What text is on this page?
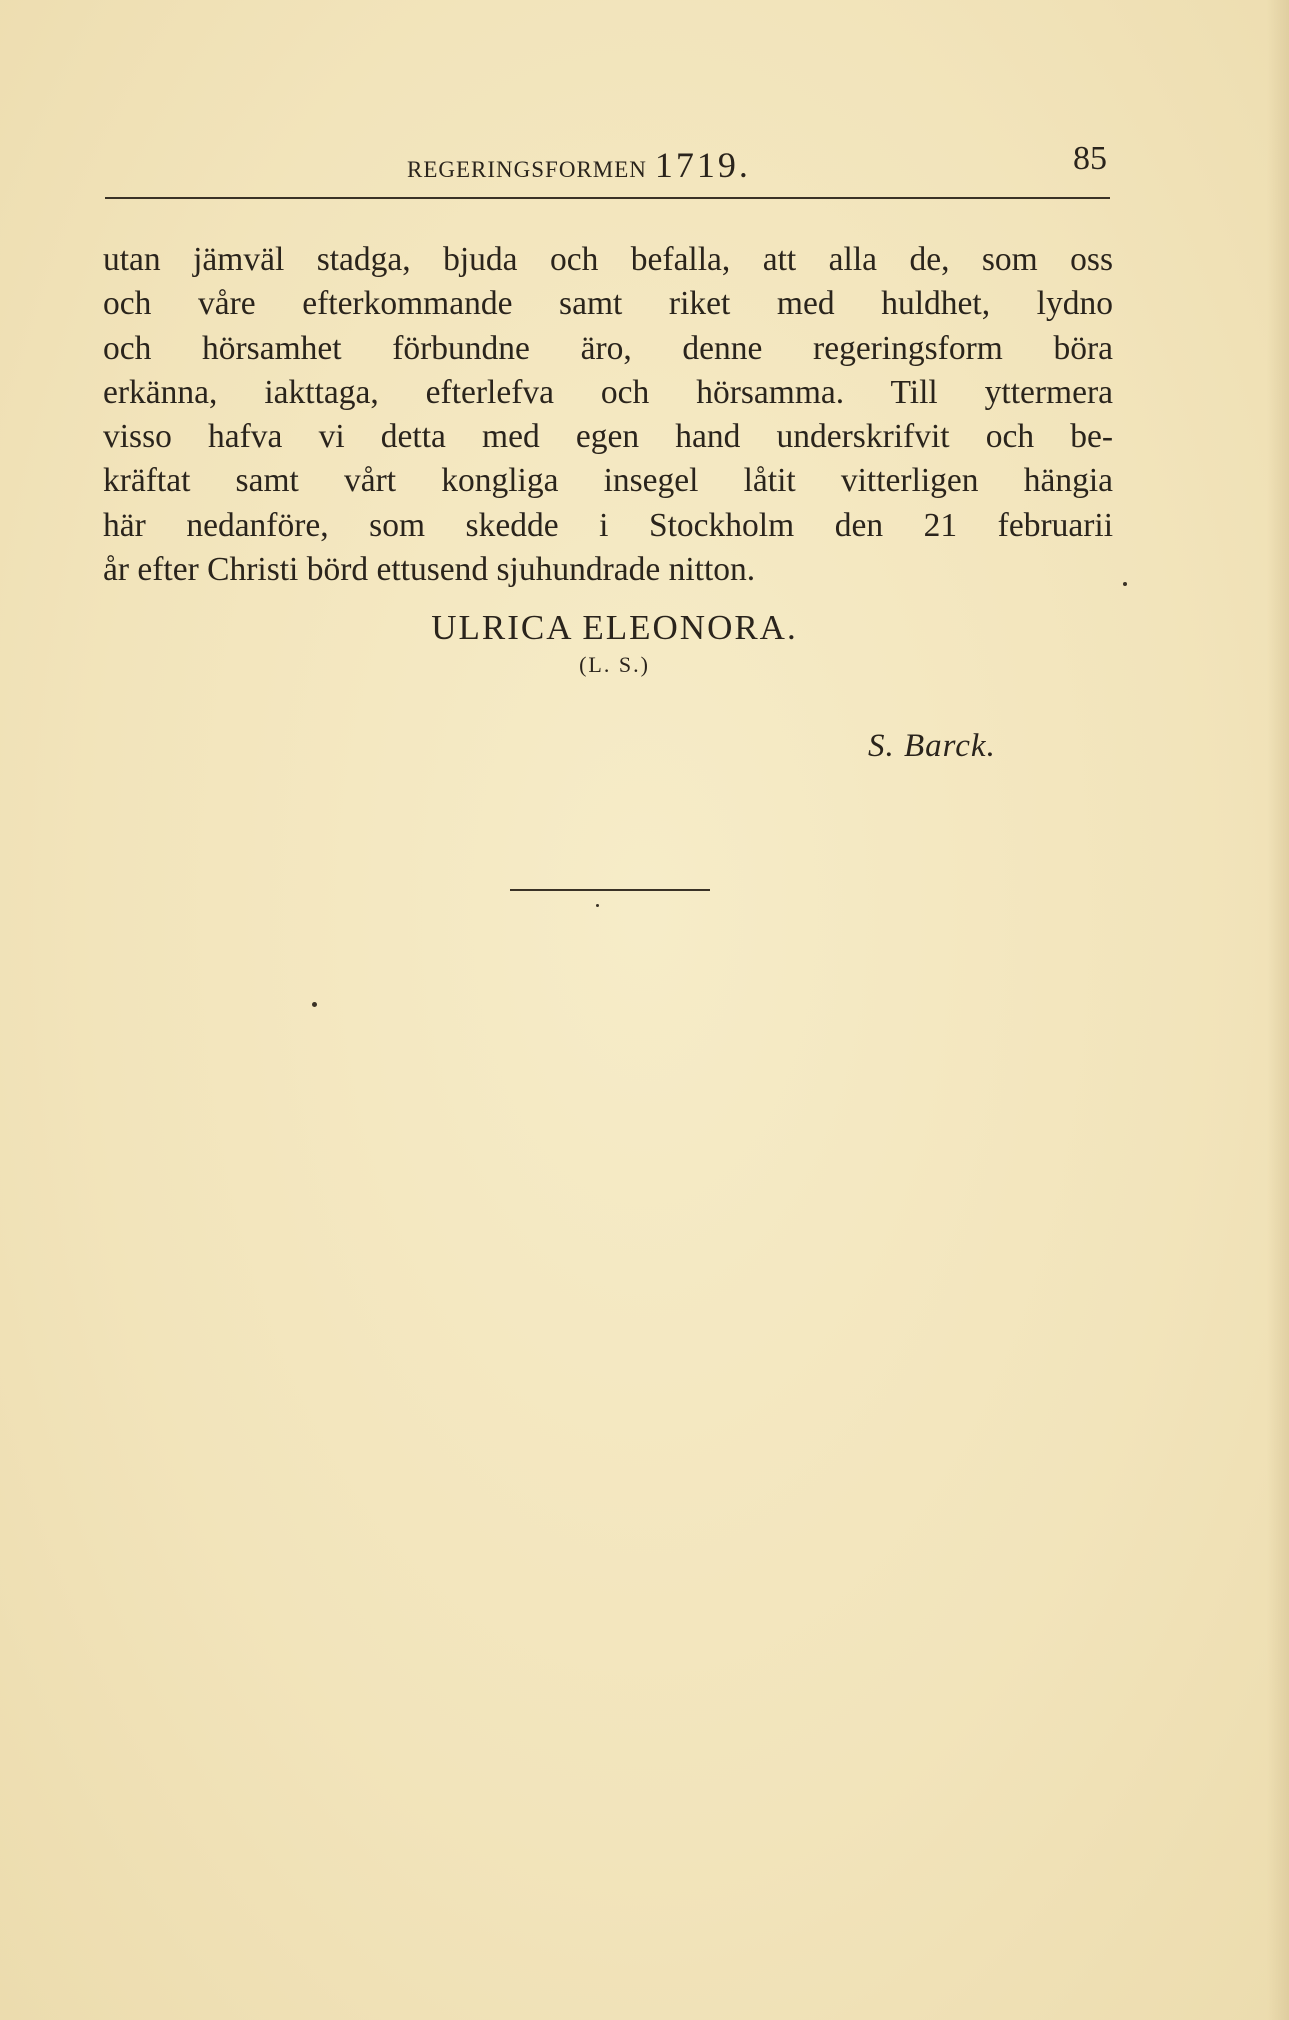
REGERINGSFORMEN 1719.	85
utan jämväl stadga, bjuda och befalla, att alla de, som oss
och våre efterkommande samt riket med huldhet, lydno
och hörsamhet förbundne äro, denne regeringsform böra
erkänna, iakttaga, efterlefva och hörsamma. Till yttermera
visso hafva vi detta med egen hand underskrifvit och be-
kräftat samt vårt kongliga insegel låtit vitterligen hängia
här nedanföre, som skedde i Stockholm den 21 februarii
år efter Christi börd ettusend sjuhundrade nitton.
ULRICA ELEONORA.
(L. S.)
S. Barck.
